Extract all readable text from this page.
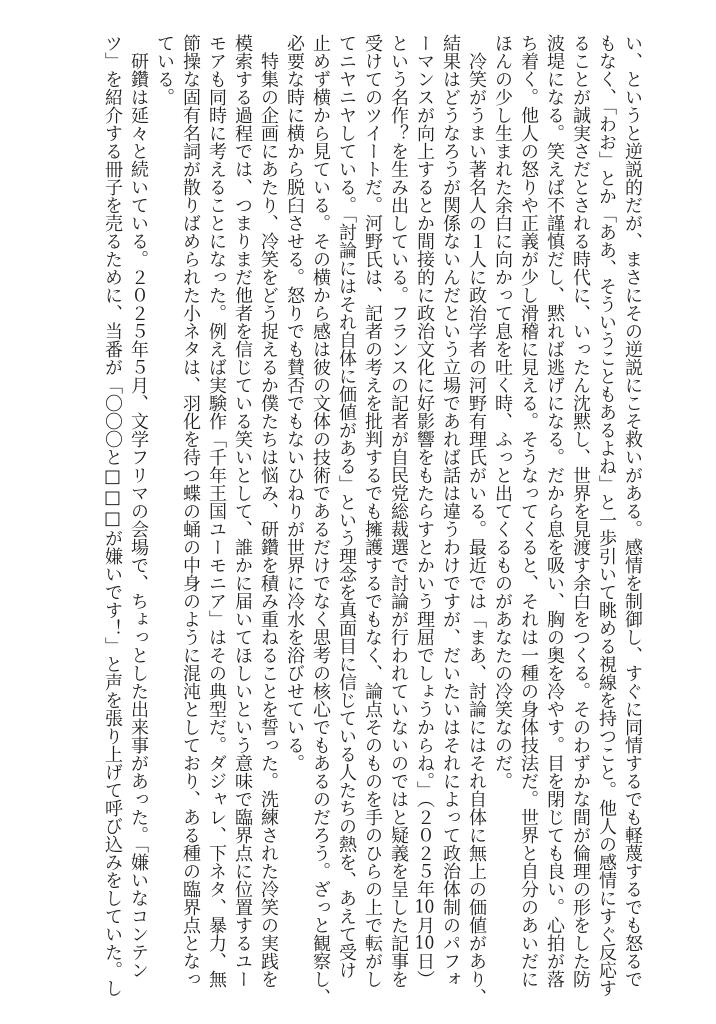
い、というと逆説的だが、まさにその逆説にこそ救いがある。感情を制御し、すぐに同情するでも軽蔑するでも怒るで
もなく、「わお」とか「ああ、そういうこともあるよね」と一歩引いて眺める視線を持つこと。他人の感情にすぐ反応す
ることが誠実さだとされる時代に、いったん沈黙し、世界を見渡す余白をつくる。そのわずかな間が倫理の形をした防
波堤になる。笑えば不謹慎だし、黙れば逃げになる。だから息を吸い、胸の奥を冷やす。目を閉じても良い。心拍が落
ち着く。他人の怒りや正義が少し滑稽に見える。そうなってくると、それは一種の身体技法だ。世界と自分のあいだに
ほんの少し生まれた余白に向かって息を吐く時、ふっと出てくるものがあなたの冷笑なのだ。
　冷笑がうまい著名人の１人に政治学者の河野有理氏がいる。最近では「まあ、討論にはそれ自体に無上の価値があり、
結果はどうなろうが関係ないんだという立場であれば話は違うわけですが、だいたいはそれによって政治体制のパフォ
ーマンスが向上するとか間接的に政治文化に好影響をもたらすとかいう理屈でしょうからね。」（２０２５年10月10日）
という名作？を生み出している。フランスの記者が自民党総裁選で討論が行われていないのではと疑義を呈した記事を
受けてのツイートだ。河野氏は、記者の考えを批判するでも擁護するでもなく、論点そのものを手のひらの上で転がし
てニヤニヤしている。「討論にはそれ自体に価値がある」という理念を真面目に信じている人たちの熱を、あえて受け
止めず横から見ている。その横から感は彼の文体の技術であるだけでなく思考の核心でもあるのだろう。ざっと観察し、
必要な時に横から脱臼させる。怒りでも賛否でもないひねりが世界に冷水を浴びせている。
　特集の企画にあたり、冷笑をどう捉えるか僕たちは悩み、研鑽を積み重ねることを誓った。洗練された冷笑の実践を
模索する過程では、つまりまだ他者を信じている笑いとして、誰かに届いてほしいという意味で臨界点に位置するユー
モアも同時に考えることになった。例えば実験作「千年王国ユーモニア」はその典型だ。ダジャレ、下ネタ、暴力、無
節操な固有名詞が散りばめられた小ネタは、羽化を待つ蝶の蛹の中身のように混沌としており、ある種の臨界点となっ
ている。
　研鑽は延々と続いている。２０２５年５月、文学フリマの会場で、ちょっとした出来事があった。「嫌いなコンテン
ツ」を紹介する冊子を売るために、当番が「〇〇〇と□□□が嫌いです！」と声を張り上げて呼び込みをしていた。し
